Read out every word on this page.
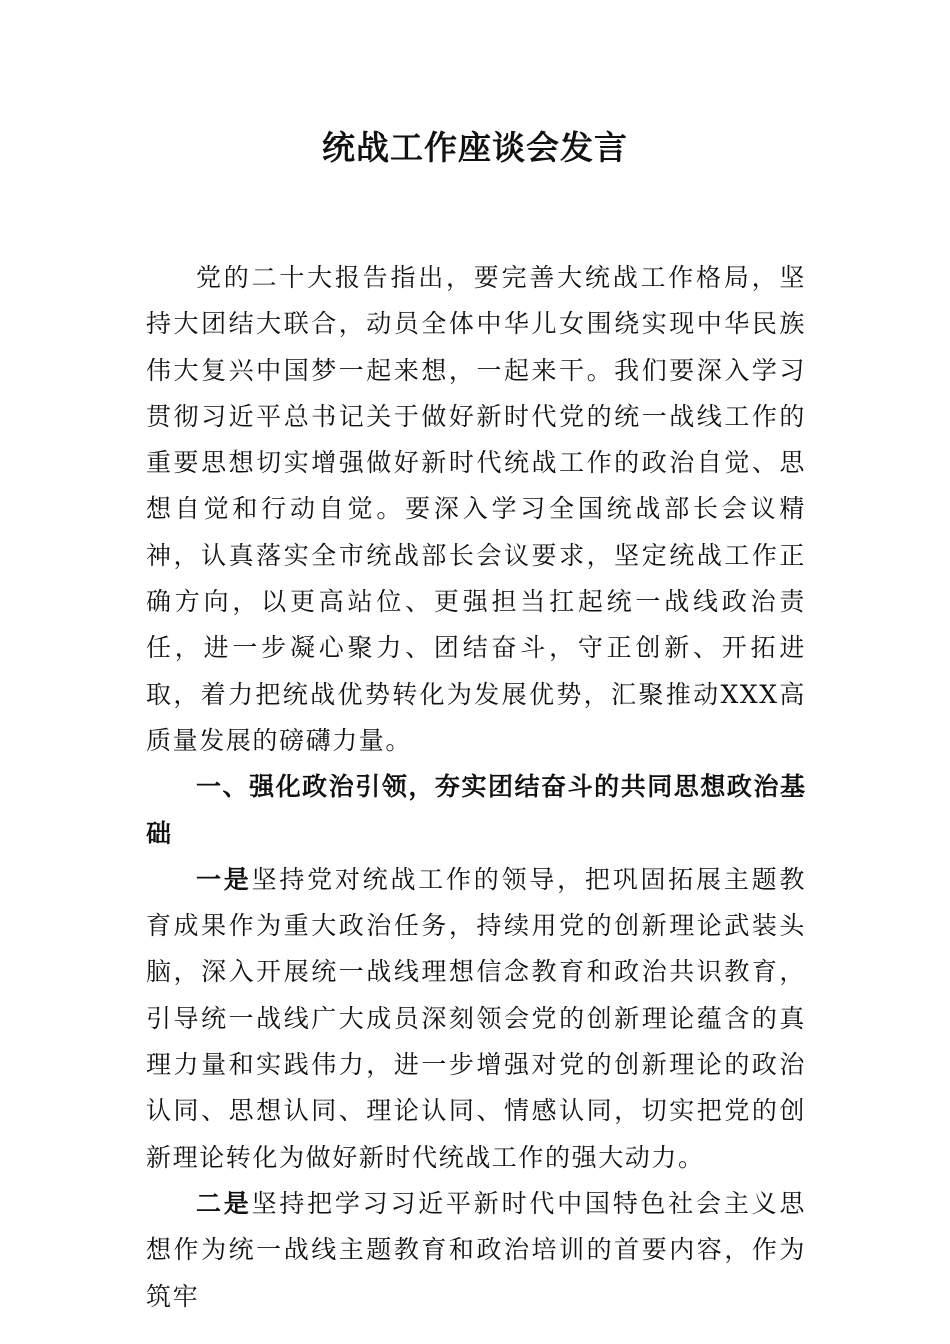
统战工作座谈会发言

党的二十大报告指出，要完善大统战工作格局，坚持大团结大联合，动员全体中华儿女围绕实现中华民族伟大复兴中国梦一起来想，一起来干。我们要深入学习贯彻习近平总书记关于做好新时代党的统一战线工作的重要思想切实增强做好新时代统战工作的政治自觉、思想自觉和行动自觉。要深入学习全国统战部长会议精神，认真落实全市统战部长会议要求，坚定统战工作正确方向，以更高站位、更强担当扛起统一战线政治责任，进一步凝心聚力、团结奋斗，守正创新、开拓进取，着力把统战优势转化为发展优势，汇聚推动XXX高质量发展的磅礴力量。

一、强化政治引领，夯实团结奋斗的共同思想政治基础

一是坚持党对统战工作的领导，把巩固拓展主题教育成果作为重大政治任务，持续用党的创新理论武装头脑，深入开展统一战线理想信念教育和政治共识教育，引导统一战线广大成员深刻领会党的创新理论蕴含的真理力量和实践伟力，进一步增强对党的创新理论的政治认同、思想认同、理论认同、情感认同，切实把党的创新理论转化为做好新时代统战工作的强大动力。

二是坚持把学习习近平新时代中国特色社会主义思想作为统一战线主题教育和政治培训的首要内容，作为筑牢
